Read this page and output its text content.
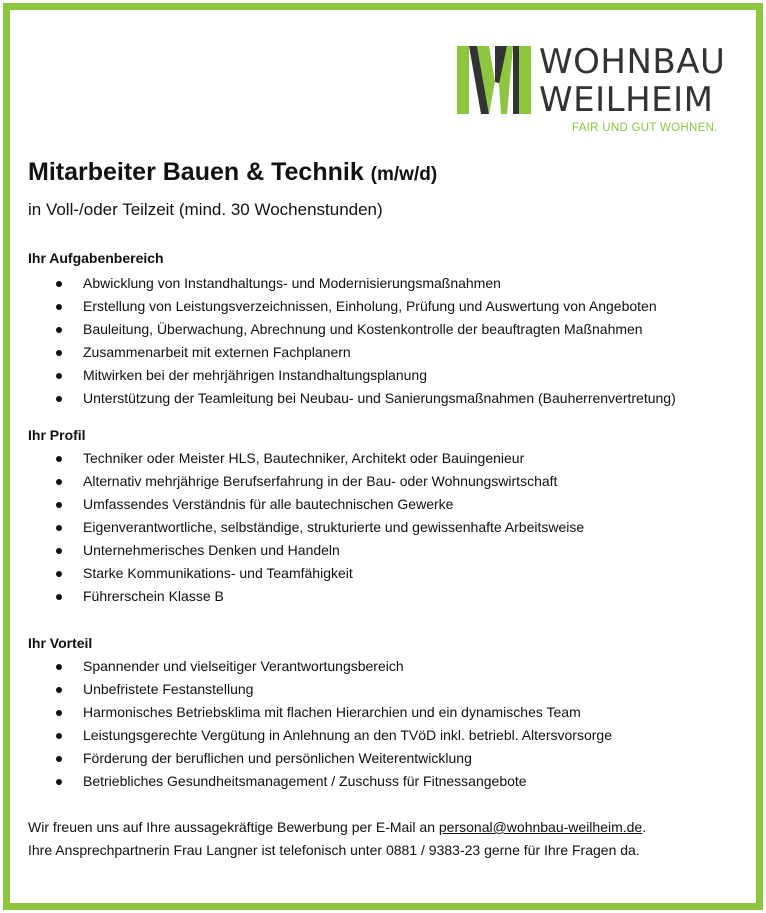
WOHNBAU
WEILHEIM
FAIR UND GUT WOHNEN.
Mitarbeiter Bauen & Technik (m/w/d)
in Voll-/oder Teilzeit (mind. 30 Wochenstunden)
Ihr Aufgabenbereich
Abwicklung von Instandhaltungs- und Modernisierungsmaßnahmen
Erstellung von Leistungsverzeichnissen, Einholung, Prüfung und Auswertung von Angeboten
Bauleitung, Überwachung, Abrechnung und Kostenkontrolle der beauftragten Maßnahmen
Zusammenarbeit mit externen Fachplanern
Mitwirken bei der mehrjährigen Instandhaltungsplanung
Unterstützung der Teamleitung bei Neubau- und Sanierungsmaßnahmen (Bauherrenvertretung)
Ihr Profil
Techniker oder Meister HLS, Bautechniker, Architekt oder Bauingenieur
Alternativ mehrjährige Berufserfahrung in der Bau- oder Wohnungswirtschaft
Umfassendes Verständnis für alle bautechnischen Gewerke
Eigenverantwortliche, selbständige, strukturierte und gewissenhafte Arbeitsweise
Unternehmerisches Denken und Handeln
Starke Kommunikations- und Teamfähigkeit
Führerschein Klasse B
Ihr Vorteil
Spannender und vielseitiger Verantwortungsbereich
Unbefristete Festanstellung
Harmonisches Betriebsklima mit flachen Hierarchien und ein dynamisches Team
Leistungsgerechte Vergütung in Anlehnung an den TVöD inkl. betriebl. Altersvorsorge
Förderung der beruflichen und persönlichen Weiterentwicklung
Betriebliches Gesundheitsmanagement / Zuschuss für Fitnessangebote
Wir freuen uns auf Ihre aussagekräftige Bewerbung per E-Mail an personal@wohnbau-weilheim.de.
Ihre Ansprechpartnerin Frau Langner ist telefonisch unter 0881 / 9383-23 gerne für Ihre Fragen da.
